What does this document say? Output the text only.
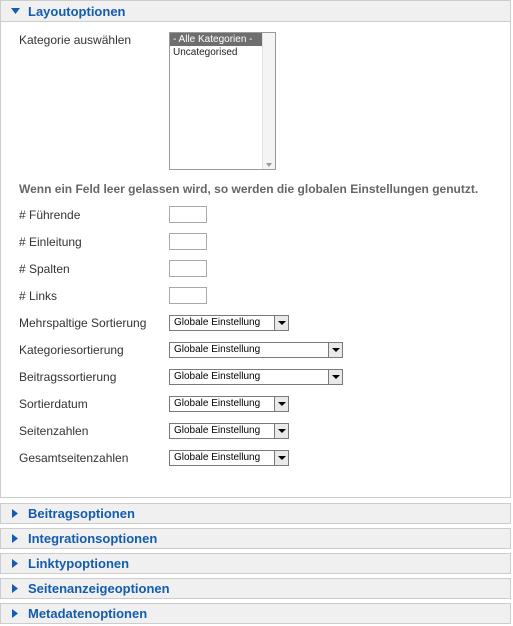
Layoutoptionen
Kategorie auswählen	- Alle Kategorien -
Uncategorised
Wenn ein Feld leer gelassen wird, so werden die globalen Einstellungen genutzt.
# Führende
# Einleitung
# Spalten
# Links
Mehrspaltige Sortierung	Globale Einstellung
Kategoriesortierung	Globale Einstellung
Beitragssortierung	Globale Einstellung
Sortierdatum	Globale Einstellung
Seitenzahlen	Globale Einstellung
Gesamtseitenzahlen	Globale Einstellung
Beitragsoptionen
Integrationsoptionen
Linktypoptionen
Seitenanzeigeoptionen
Metadatenoptionen
